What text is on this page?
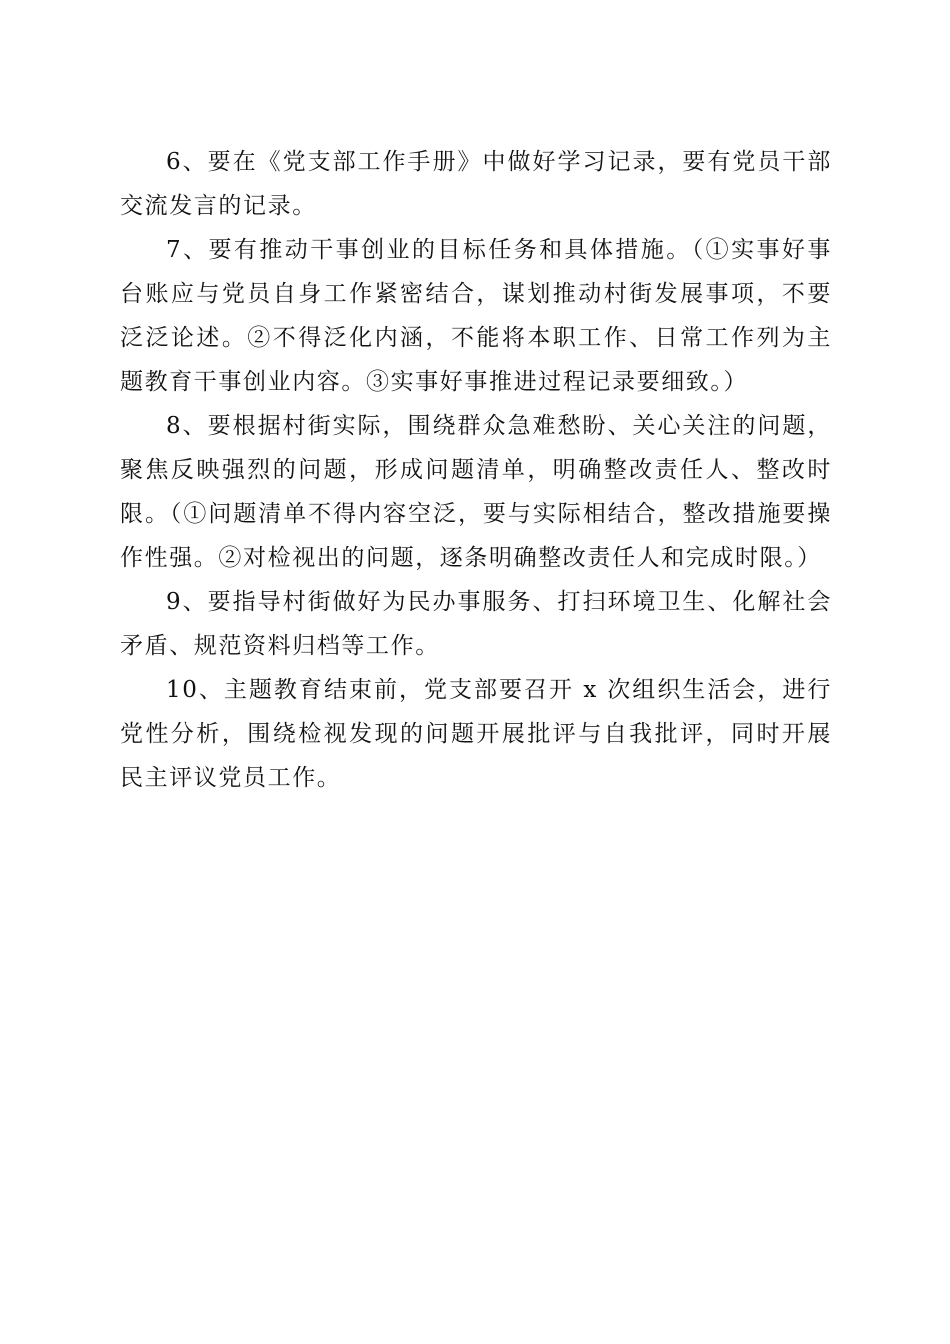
6、要在《党支部工作手册》中做好学习记录，要有党员干部交流发言的记录。

7、要有推动干事创业的目标任务和具体措施。（①实事好事台账应与党员自身工作紧密结合，谋划推动村街发展事项，不要泛泛论述。②不得泛化内涵，不能将本职工作、日常工作列为主题教育干事创业内容。③实事好事推进过程记录要细致。）

8、要根据村街实际，围绕群众急难愁盼、关心关注的问题，聚焦反映强烈的问题，形成问题清单，明确整改责任人、整改时限。（①问题清单不得内容空泛，要与实际相结合，整改措施要操作性强。②对检视出的问题，逐条明确整改责任人和完成时限。）

9、要指导村街做好为民办事服务、打扫环境卫生、化解社会矛盾、规范资料归档等工作。

10、主题教育结束前，党支部要召开 x 次组织生活会，进行党性分析，围绕检视发现的问题开展批评与自我批评，同时开展民主评议党员工作。
